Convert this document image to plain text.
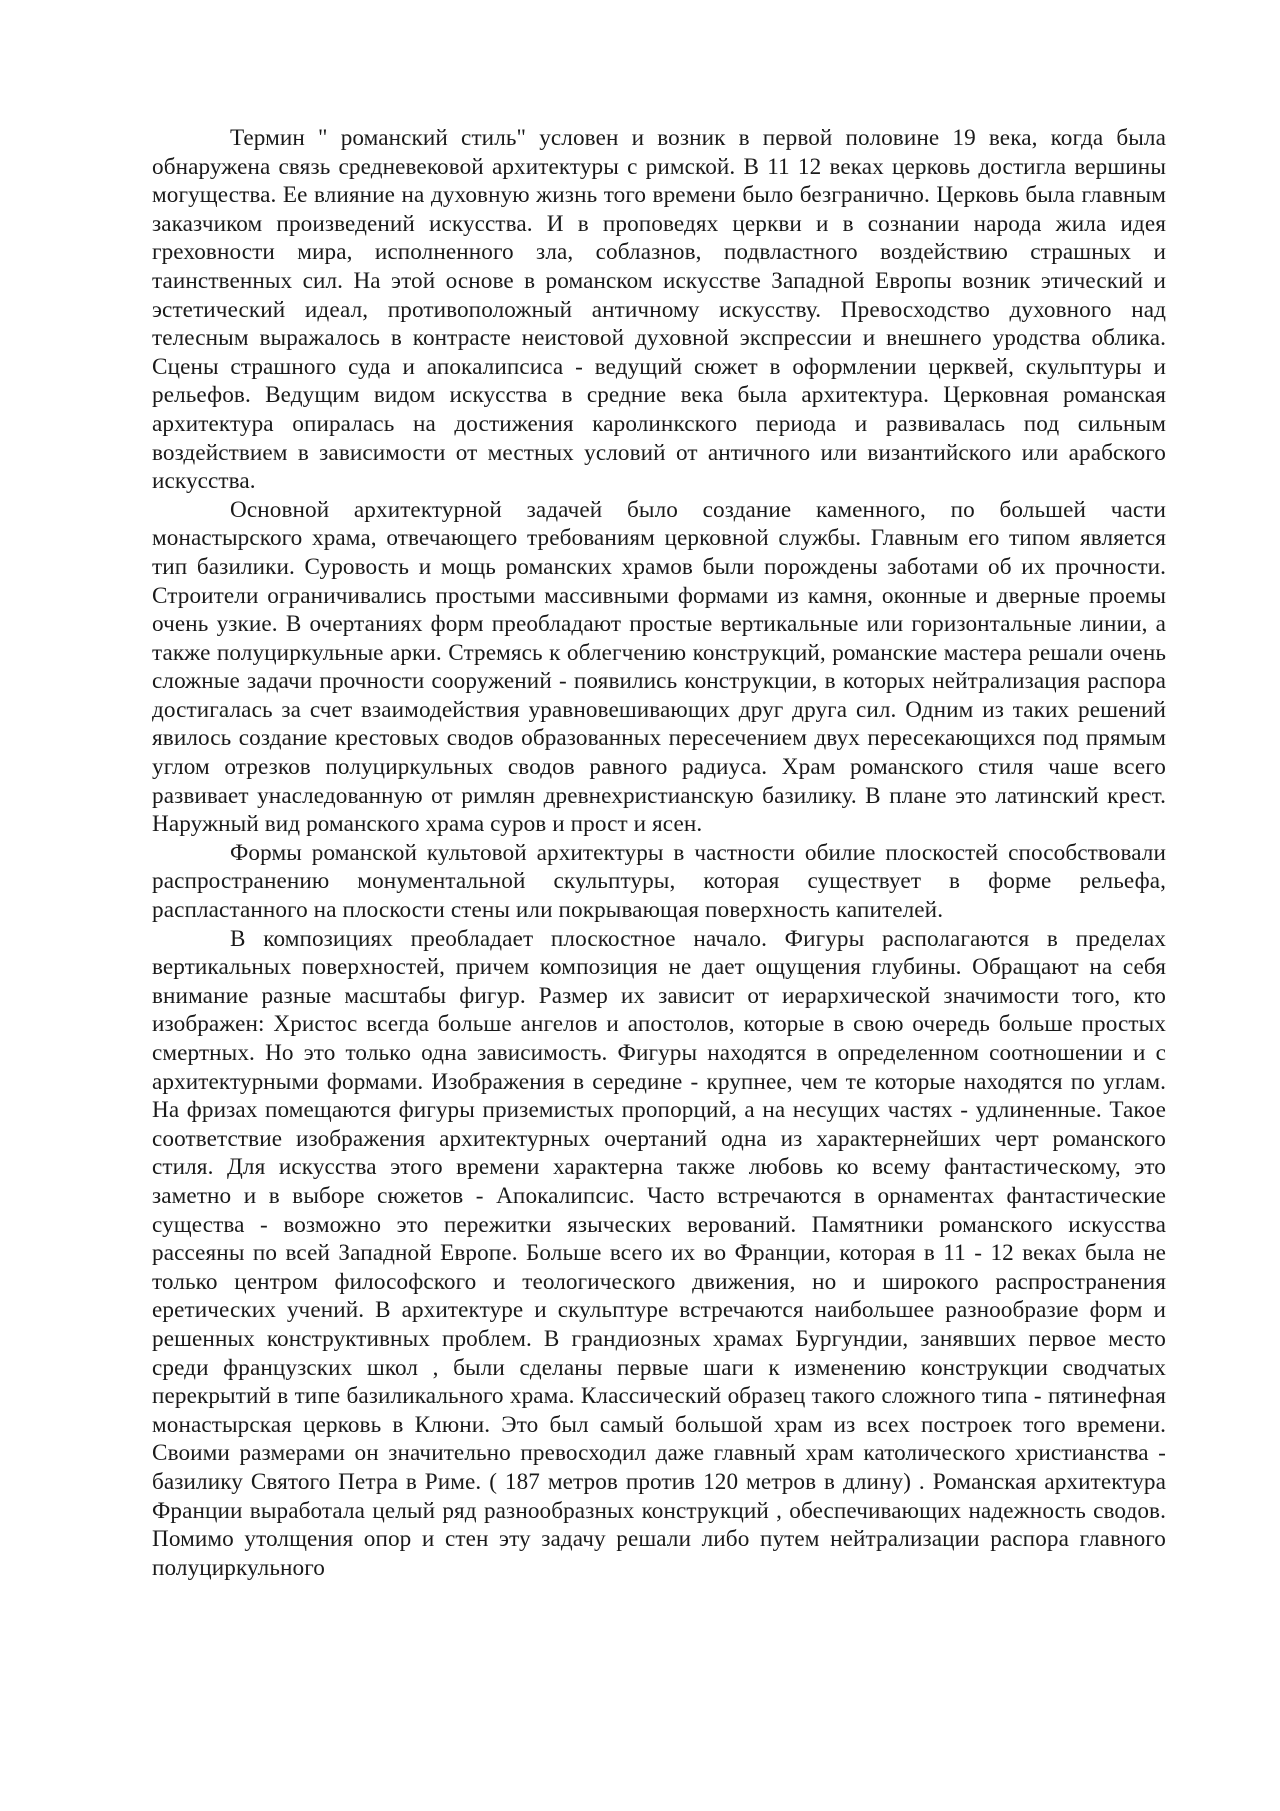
Термин " романский стиль" условен и возник в первой половине 19 века, когда была обнаружена связь средневековой архитектуры с римской. В 11 12 веках церковь достигла вершины могущества. Ее влияние на духовную жизнь того времени было безгранично. Церковь была главным заказчиком произведений искусства. И в проповедях церкви и в сознании народа жила идея греховности мира, исполненного зла, соблазнов, подвластного воздействию страшных и таинственных сил. На этой основе в романском искусстве Западной Европы возник этический и эстетический идеал, противоположный античному искусству. Превосходство духовного над телесным выражалось в контрасте неистовой духовной экспрессии и внешнего уродства облика. Сцены страшного суда и апокалипсиса - ведущий сюжет в оформлении церквей, скульптуры и рельефов. Ведущим видом искусства в средние века была архитектура. Церковная романская архитектура опиралась на достижения каролинкского периода и развивалась под сильным воздействием в зависимости от местных условий от античного или византийского или арабского искусства.

Основной архитектурной задачей было создание каменного, по большей части монастырского храма, отвечающего требованиям церковной службы. Главным его типом является тип базилики. Суровость и мощь романских храмов были порождены заботами об их прочности. Строители ограничивались простыми массивными формами из камня, оконные и дверные проемы очень узкие. В очертаниях форм преобладают простые вертикальные или горизонтальные линии, а также полуциркульные арки. Стремясь к облегчению конструкций, романские мастера решали очень сложные задачи прочности сооружений - появились конструкции, в которых нейтрализация распора достигалась за счет взаимодействия уравновешивающих друг друга сил. Одним из таких решений явилось создание крестовых сводов образованных пересечением двух пересекающихся под прямым углом отрезков полуциркульных сводов равного радиуса. Храм романского стиля чаше всего развивает унаследованную от римлян древнехристианскую базилику. В плане это латинский крест. Наружный вид романского храма суров и прост и ясен.

Формы романской культовой архитектуры в частности обилие плоскостей способствовали распространению монументальной скульптуры, которая существует в форме рельефа, распластанного на плоскости стены или покрывающая поверхность капителей.

В композициях преобладает плоскостное начало. Фигуры располагаются в пределах вертикальных поверхностей, причем композиция не дает ощущения глубины. Обращают на себя внимание разные масштабы фигур. Размер их зависит от иерархической значимости того, кто изображен: Христос всегда больше ангелов и апостолов, которые в свою очередь больше простых смертных. Но это только одна зависимость. Фигуры находятся в определенном соотношении и с архитектурными формами. Изображения в середине - крупнее, чем те которые находятся по углам. На фризах помещаются фигуры приземистых пропорций, а на несущих частях - удлиненные. Такое соответствие изображения архитектурных очертаний одна из характернейших черт романского стиля. Для искусства этого времени характерна также любовь ко всему фантастическому, это заметно и в выборе сюжетов - Апокалипсис. Часто встречаются в орнаментах фантастические существа - возможно это пережитки языческих верований. Памятники романского искусства рассеяны по всей Западной Европе. Больше всего их во Франции, которая в 11 - 12 веках была не только центром философского и теологического движения, но и широкого распространения еретических учений. В архитектуре и скульптуре встречаются наибольшее разнообразие форм и решенных конструктивных проблем. В грандиозных храмах Бургундии, занявших первое место среди французских школ , были сделаны первые шаги к изменению конструкции сводчатых перекрытий в типе базиликального храма. Классический образец такого сложного типа - пятинефная монастырская церковь в Клюни. Это был самый большой храм из всех построек того времени. Своими размерами он значительно превосходил даже главный храм католического христианства - базилику Святого Петра в Риме. ( 187 метров против 120 метров в длину) . Романская архитектура Франции выработала целый ряд разнообразных конструкций , обеспечивающих надежность сводов. Помимо утолщения опор и стен эту задачу решали либо путем нейтрализации распора главного полуциркульного
